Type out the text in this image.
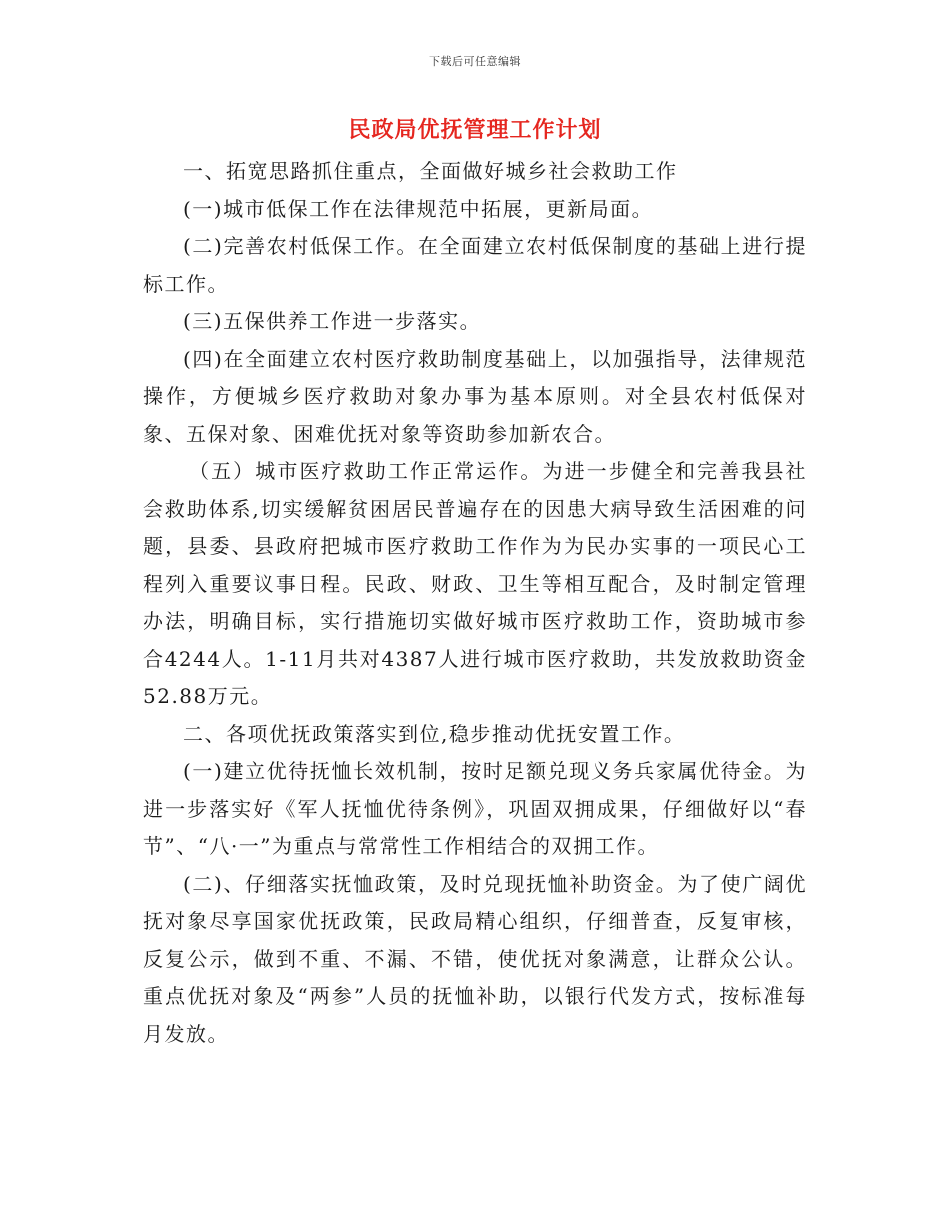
下载后可任意编辑
民政局优抚管理工作计划

一、拓宽思路抓住重点，全面做好城乡社会救助工作

(一)城市低保工作在法律规范中拓展，更新局面。

(二)完善农村低保工作。在全面建立农村低保制度的基础上进行提标工作。

(三)五保供养工作进一步落实。

(四)在全面建立农村医疗救助制度基础上，以加强指导，法律规范操作，方便城乡医疗救助对象办事为基本原则。对全县农村低保对象、五保对象、困难优抚对象等资助参加新农合。

（五）城市医疗救助工作正常运作。为进一步健全和完善我县社会救助体系,切实缓解贫困居民普遍存在的因患大病导致生活困难的问题，县委、县政府把城市医疗救助工作作为为民办实事的一项民心工程列入重要议事日程。民政、财政、卫生等相互配合，及时制定管理办法，明确目标，实行措施切实做好城市医疗救助工作，资助城市参合4244人。1-11月共对4387人进行城市医疗救助，共发放救助资金52.88万元。

二、各项优抚政策落实到位,稳步推动优抚安置工作。

(一)建立优待抚恤长效机制，按时足额兑现义务兵家属优待金。为进一步落实好《军人抚恤优待条例》，巩固双拥成果，仔细做好以“春节”、“八·一”为重点与常常性工作相结合的双拥工作。

(二)、仔细落实抚恤政策，及时兑现抚恤补助资金。为了使广阔优抚对象尽享国家优抚政策，民政局精心组织，仔细普查，反复审核，反复公示，做到不重、不漏、不错，使优抚对象满意，让群众公认。重点优抚对象及“两参”人员的抚恤补助，以银行代发方式，按标准每月发放。
